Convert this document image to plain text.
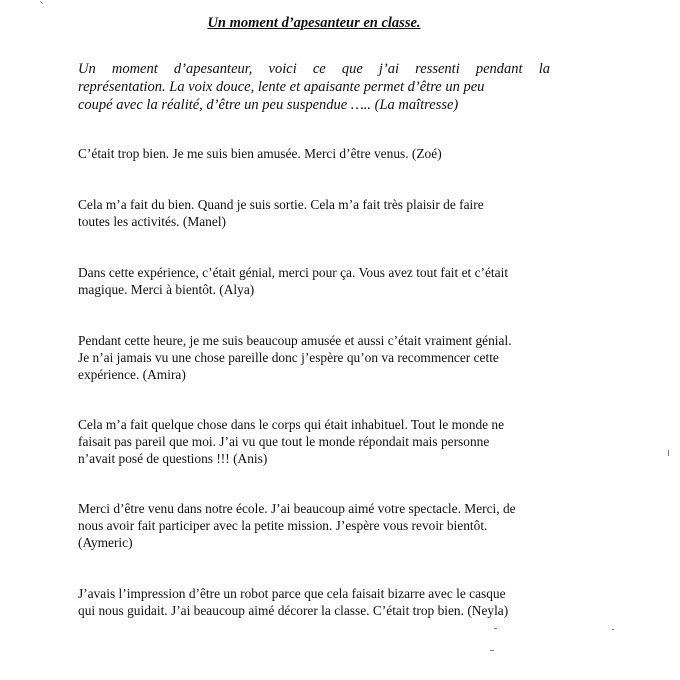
Un moment d’apesanteur en classe.

Un moment d’apesanteur, voici ce que j’ai ressenti pendant la
représentation. La voix douce, lente et apaisante permet d’être un peu
coupé avec la réalité, d’être un peu suspendue ….. (La maîtresse)

C’était trop bien. Je me suis bien amusée. Merci d’être venus. (Zoé)

Cela m’a fait du bien. Quand je suis sortie. Cela m’a fait très plaisir de faire
toutes les activités. (Manel)

Dans cette expérience, c’était génial, merci pour ça. Vous avez tout fait et c’était
magique. Merci à bientôt. (Alya)

Pendant cette heure, je me suis beaucoup amusée et aussi c’était vraiment génial.
Je n’ai jamais vu une chose pareille donc j’espère qu’on va recommencer cette
expérience. (Amira)

Cela m’a fait quelque chose dans le corps qui était inhabituel. Tout le monde ne
faisait pas pareil que moi. J’ai vu que tout le monde répondait mais personne
n’avait posé de questions !!! (Anis)

Merci d’être venu dans notre école. J’ai beaucoup aimé votre spectacle. Merci, de
nous avoir fait participer avec la petite mission. J’espère vous revoir bientôt.
(Aymeric)

J’avais l’impression d’être un robot parce que cela faisait bizarre avec le casque
qui nous guidait. J’ai beaucoup aimé décorer la classe. C’était trop bien. (Neyla)
